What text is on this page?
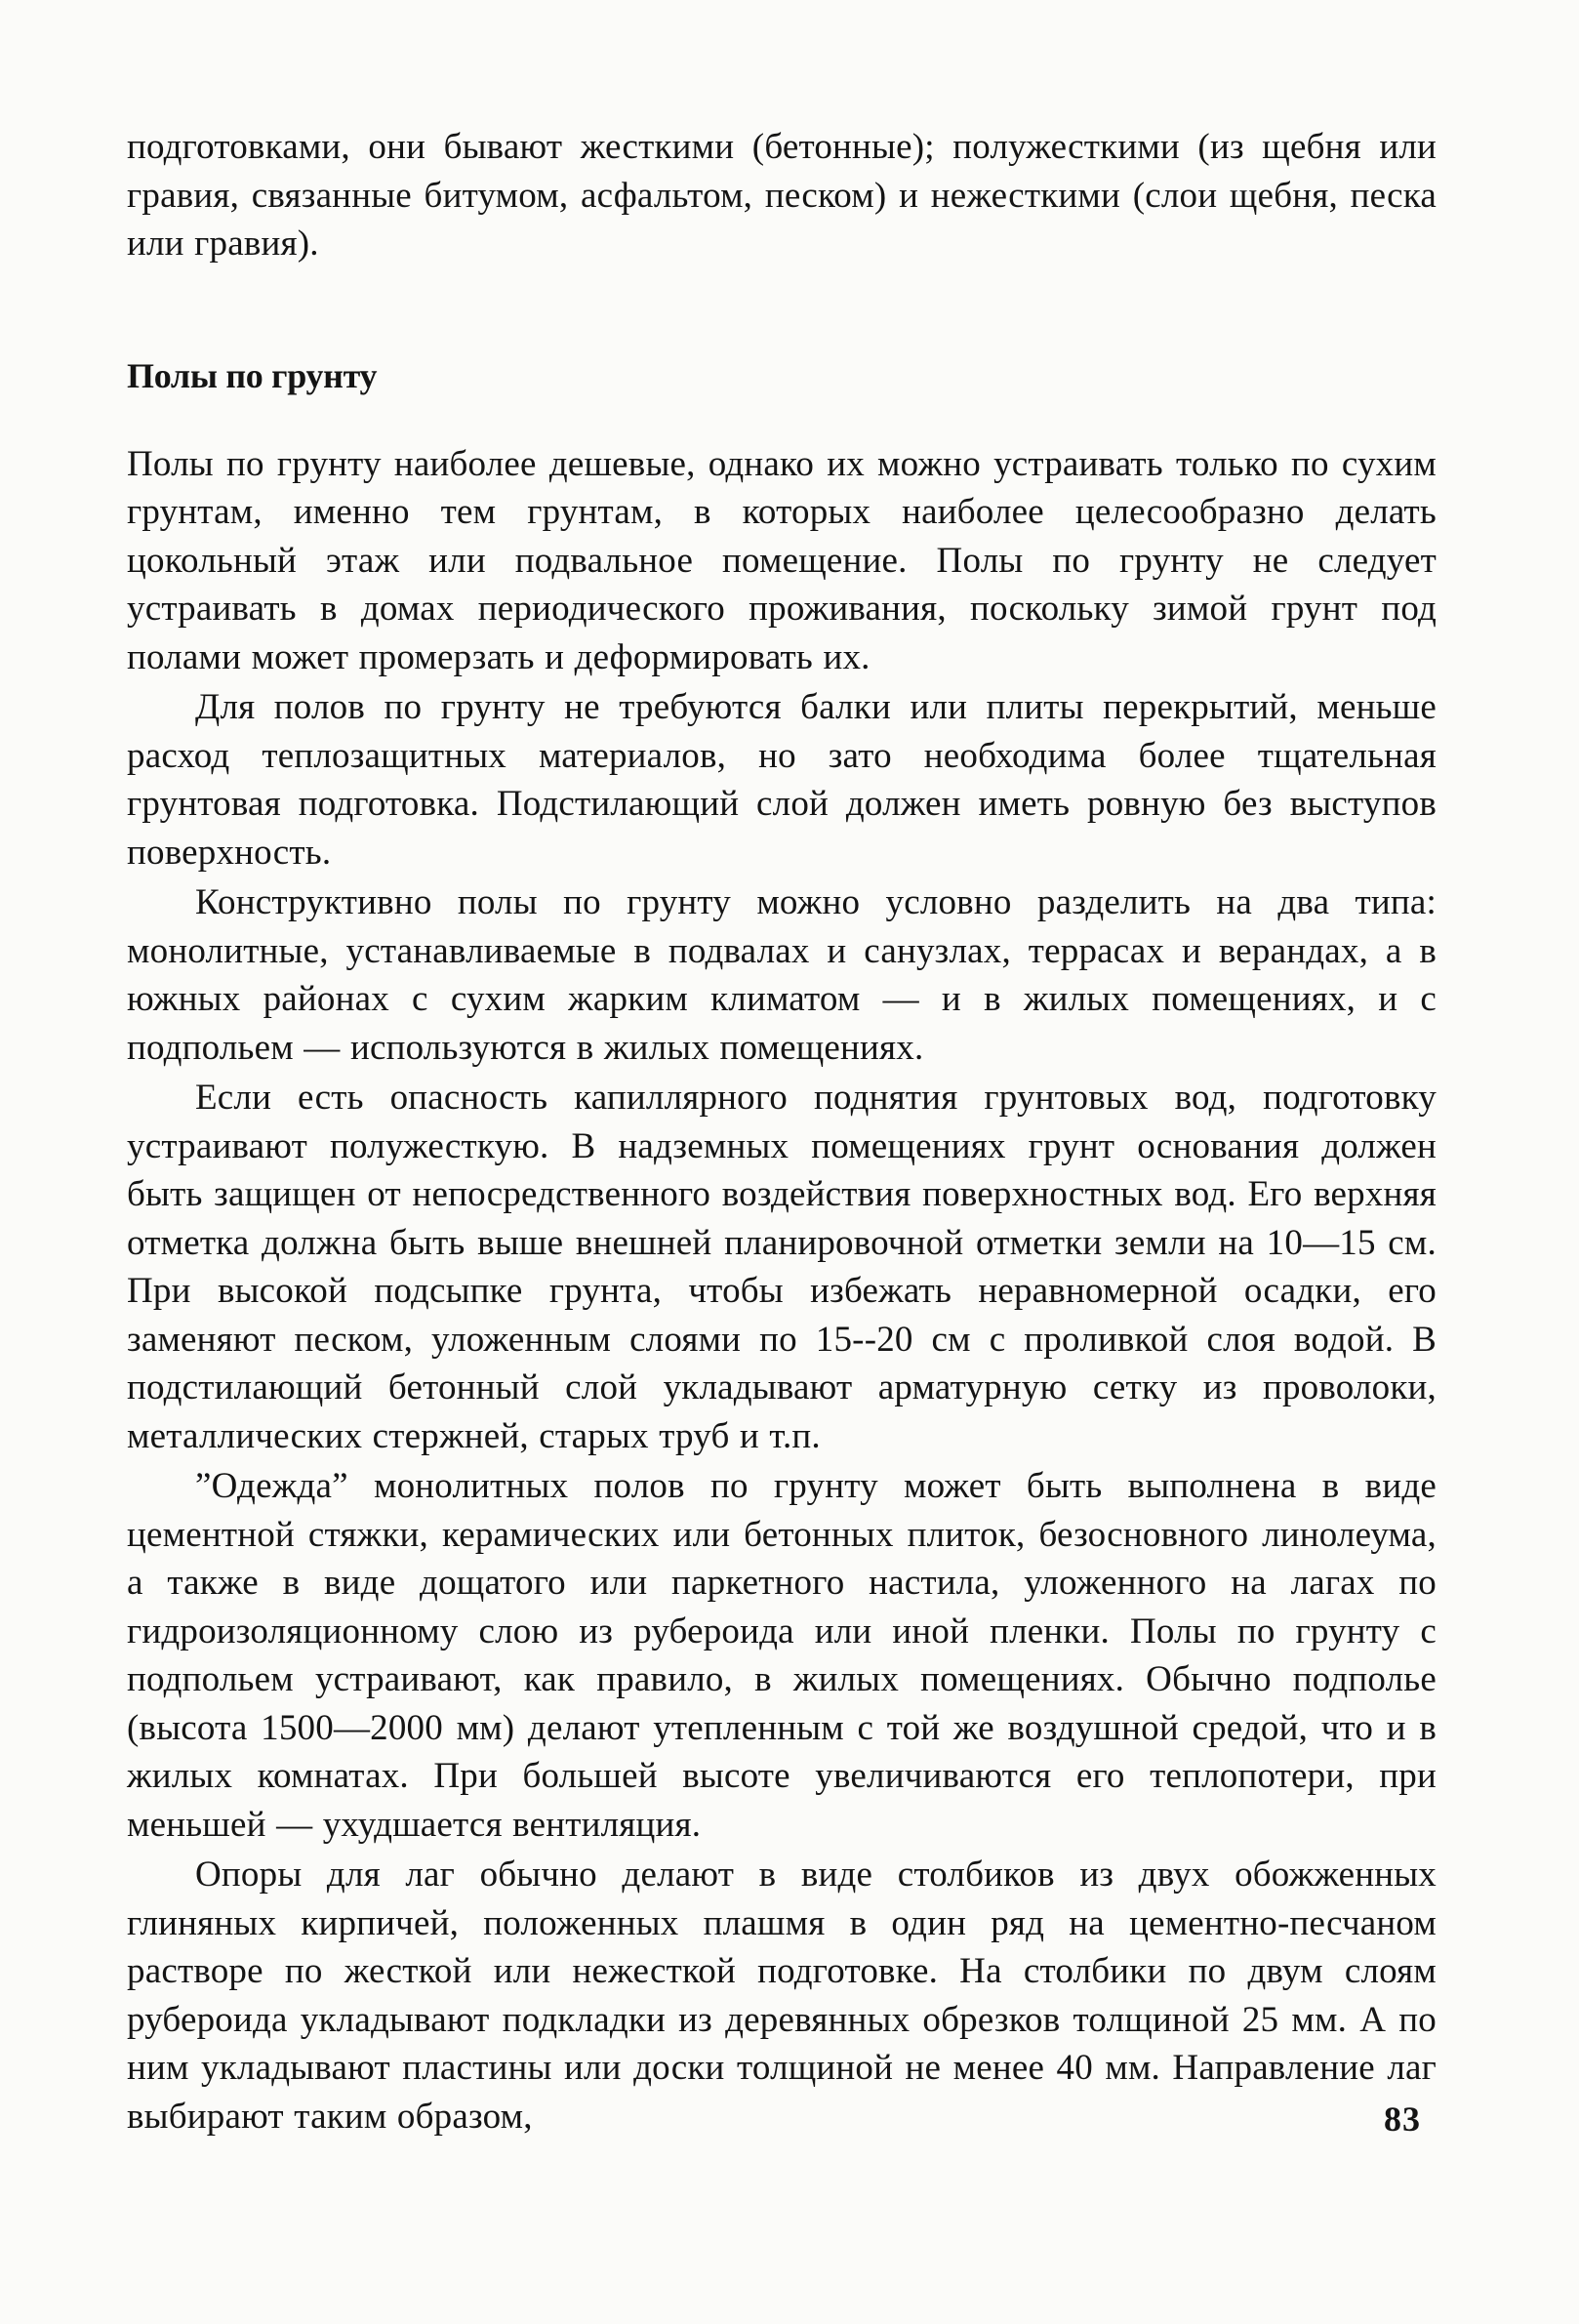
подготовками, они бывают жесткими (бетонные); полужесткими (из щебня или гравия, связанные битумом, асфальтом, песком) и нежесткими (слои щебня, песка или гравия).

Полы по грунту

Полы по грунту наиболее дешевые, однако их можно устраивать только по сухим грунтам, именно тем грунтам, в которых наиболее целесообразно делать цокольный этаж или подвальное помещение. Полы по грунту не следует устраивать в домах периодического проживания, поскольку зимой грунт под полами может промерзать и деформировать их.

Для полов по грунту не требуются балки или плиты перекрытий, меньше расход теплозащитных материалов, но зато необходима более тщательная грунтовая подготовка. Подстилающий слой должен иметь ровную без выступов поверхность.

Конструктивно полы по грунту можно условно разделить на два типа: монолитные, устанавливаемые в подвалах и санузлах, террасах и верандах, а в южных районах с сухим жарким климатом — и в жилых помещениях, и с подпольем — используются в жилых помещениях.

Если есть опасность капиллярного поднятия грунтовых вод, подготовку устраивают полужесткую. В надземных помещениях грунт основания должен быть защищен от непосредственного воздействия поверхностных вод. Его верхняя отметка должна быть выше внешней планировочной отметки земли на 10—15 см. При высокой подсыпке грунта, чтобы избежать неравномерной осадки, его заменяют песком, уложенным слоями по 15--20 см с проливкой слоя водой. В подстилающий бетонный слой укладывают арматурную сетку из проволоки, металлических стержней, старых труб и т.п.

”Одежда” монолитных полов по грунту может быть выполнена в виде цементной стяжки, керамических или бетонных плиток, безосновного линолеума, а также в виде дощатого или паркетного настила, уложенного на лагах по гидроизоляционному слою из рубероида или иной пленки. Полы по грунту с подпольем устраивают, как правило, в жилых помещениях. Обычно подполье (высота 1500—2000 мм) делают утепленным с той же воздушной средой, что и в жилых комнатах. При большей высоте увеличиваются его теплопотери, при меньшей — ухудшается вентиляция.

Опоры для лаг обычно делают в виде столбиков из двух обожженных глиняных кирпичей, положенных плашмя в один ряд на цементно-песчаном растворе по жесткой или нежесткой подготовке. На столбики по двум слоям рубероида укладывают подкладки из деревянных обрезков толщиной 25 мм. А по ним укладывают пластины или доски толщиной не менее 40 мм. Направление лаг выбирают таким образом,	83
